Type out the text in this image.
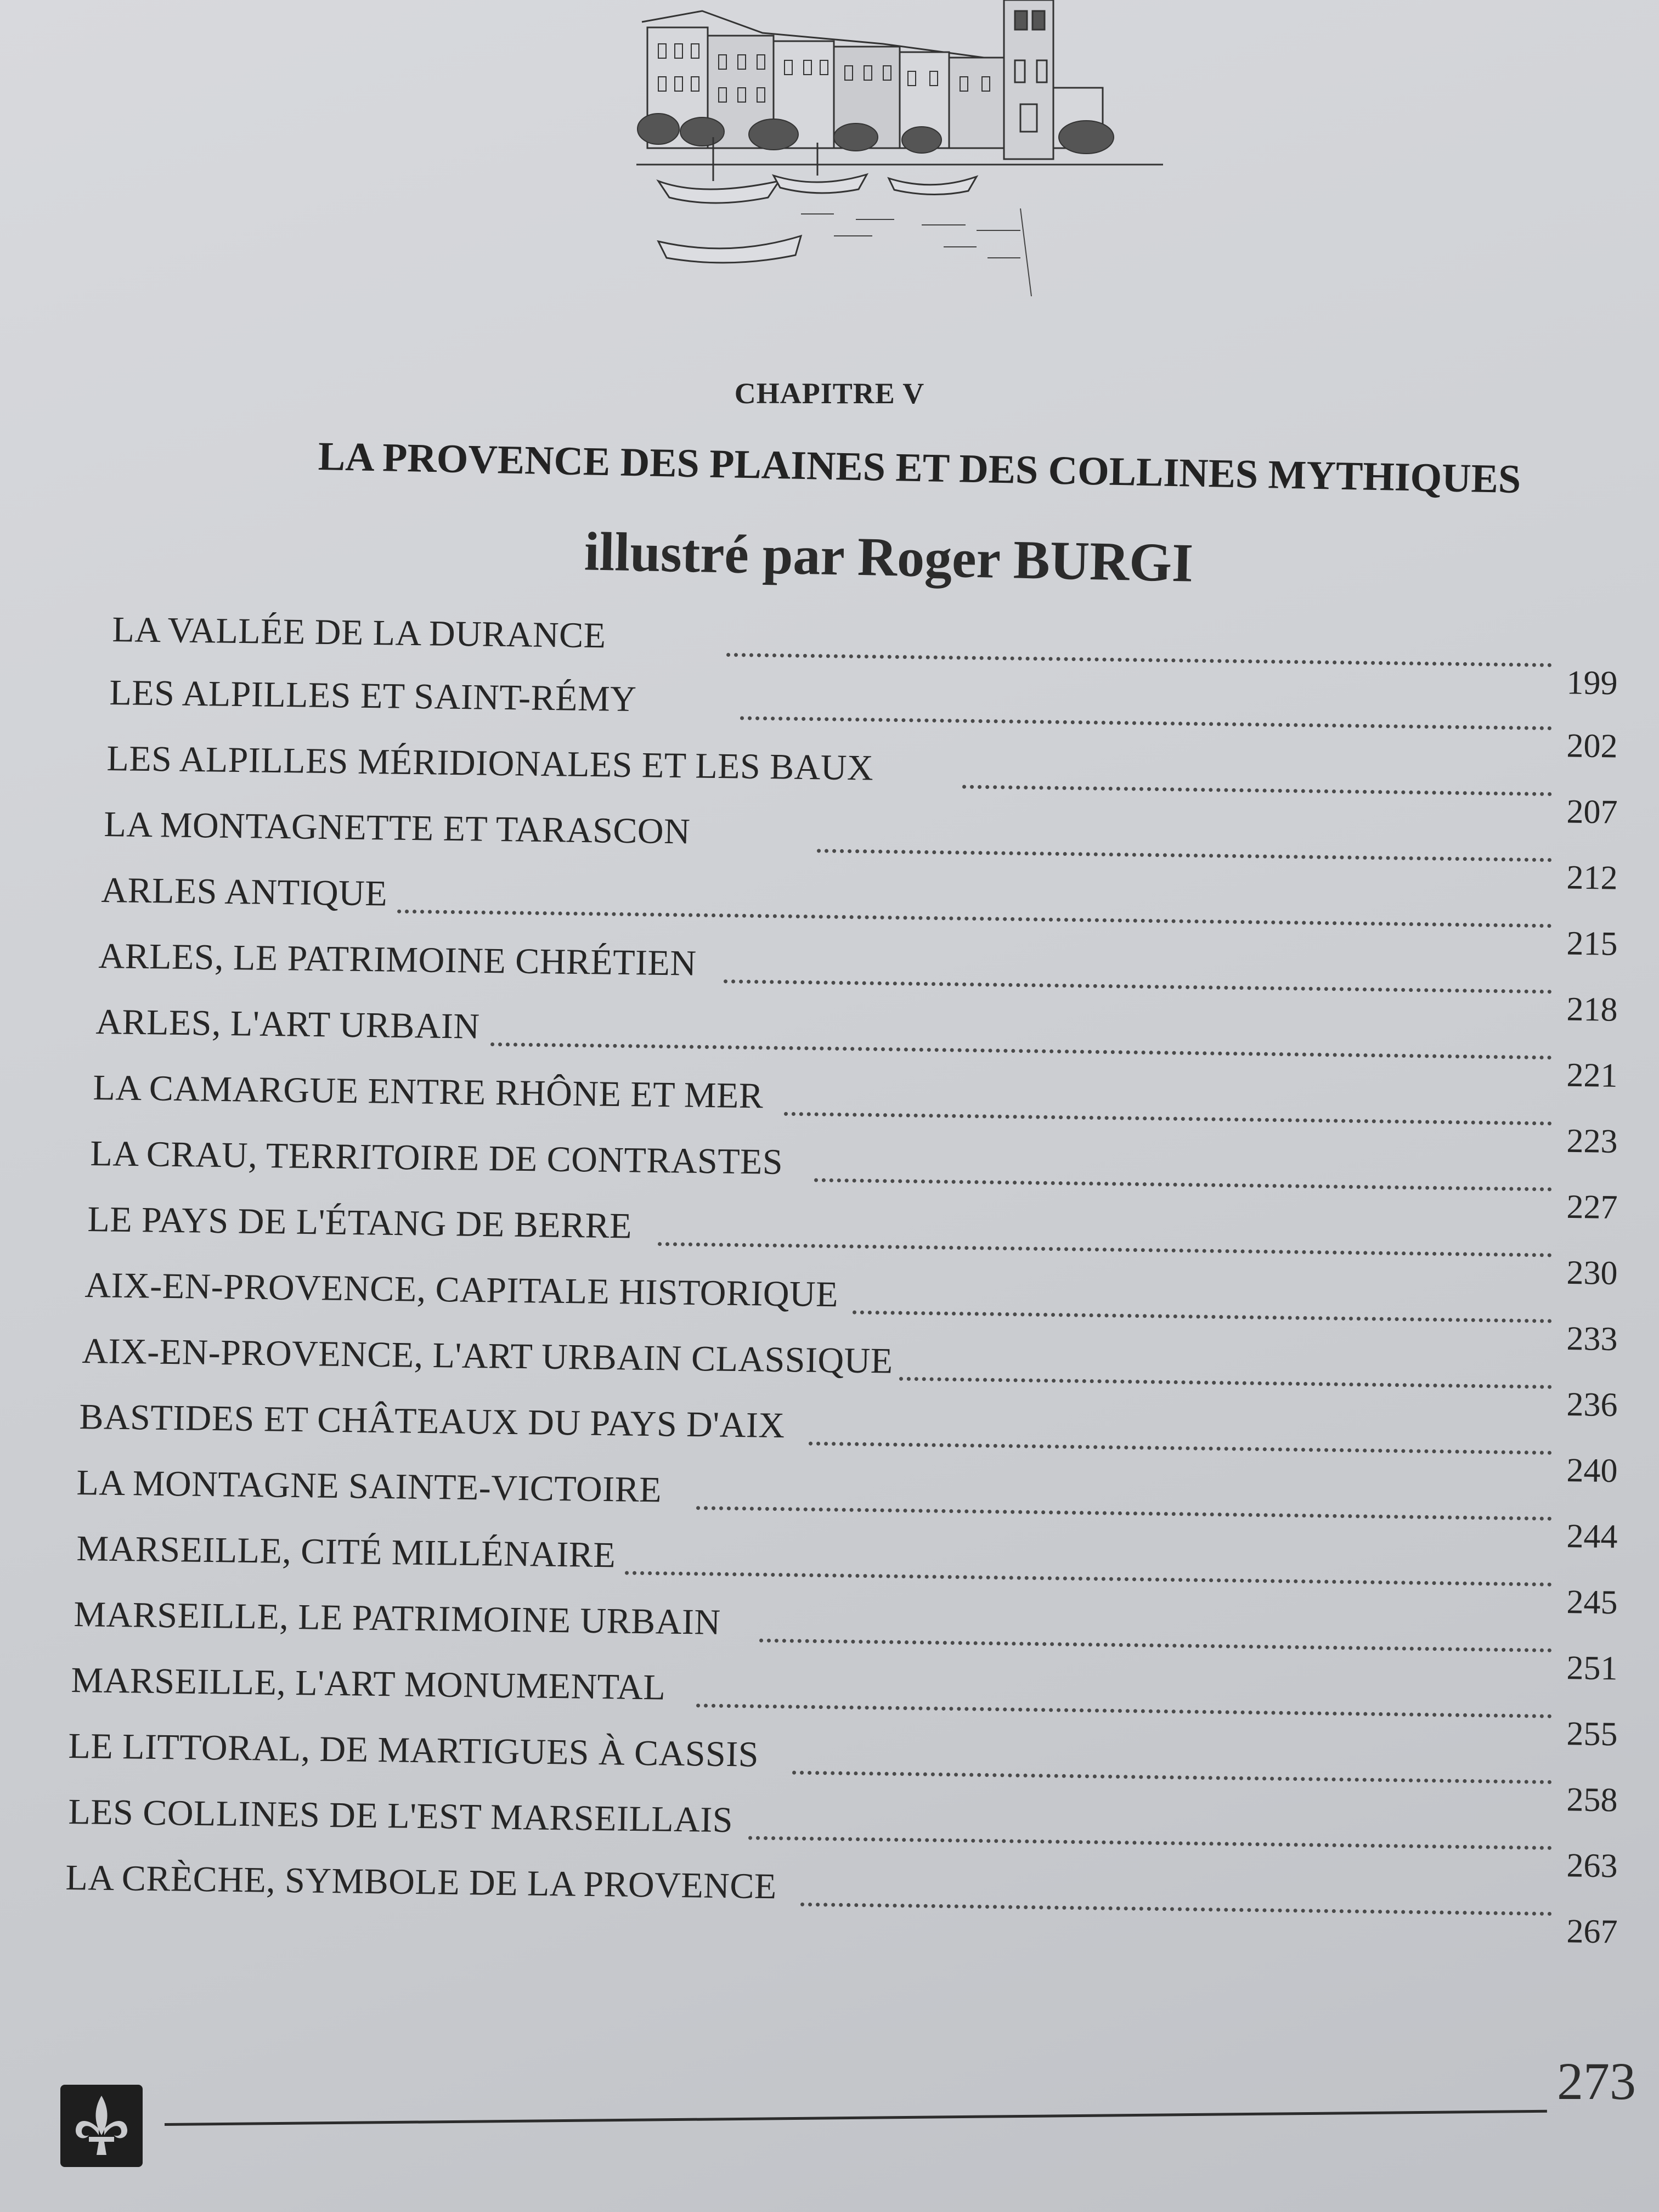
CHAPITRE V
LA PROVENCE DES PLAINES ET DES COLLINES MYTHIQUES
illustré par Roger BURGI
LA VALLÉE DE LA DURANCE
199
LES ALPILLES ET SAINT-RÉMY
202
LES ALPILLES MÉRIDIONALES ET LES BAUX
207
LA MONTAGNETTE ET TARASCON
212
ARLES ANTIQUE
215
ARLES, LE PATRIMOINE CHRÉTIEN
218
ARLES, L'ART URBAIN
221
LA CAMARGUE ENTRE RHÔNE ET MER
223
LA CRAU, TERRITOIRE DE CONTRASTES
227
LE PAYS DE L'ÉTANG DE BERRE
230
AIX-EN-PROVENCE, CAPITALE HISTORIQUE
233
AIX-EN-PROVENCE, L'ART URBAIN CLASSIQUE
236
BASTIDES ET CHÂTEAUX DU PAYS D'AIX
240
LA MONTAGNE SAINTE-VICTOIRE
244
MARSEILLE, CITÉ MILLÉNAIRE
245
MARSEILLE, LE PATRIMOINE URBAIN
251
MARSEILLE, L'ART MONUMENTAL
255
LE LITTORAL, DE MARTIGUES À CASSIS
258
LES COLLINES DE L'EST MARSEILLAIS
263
LA CRÈCHE, SYMBOLE DE LA PROVENCE
267
273
